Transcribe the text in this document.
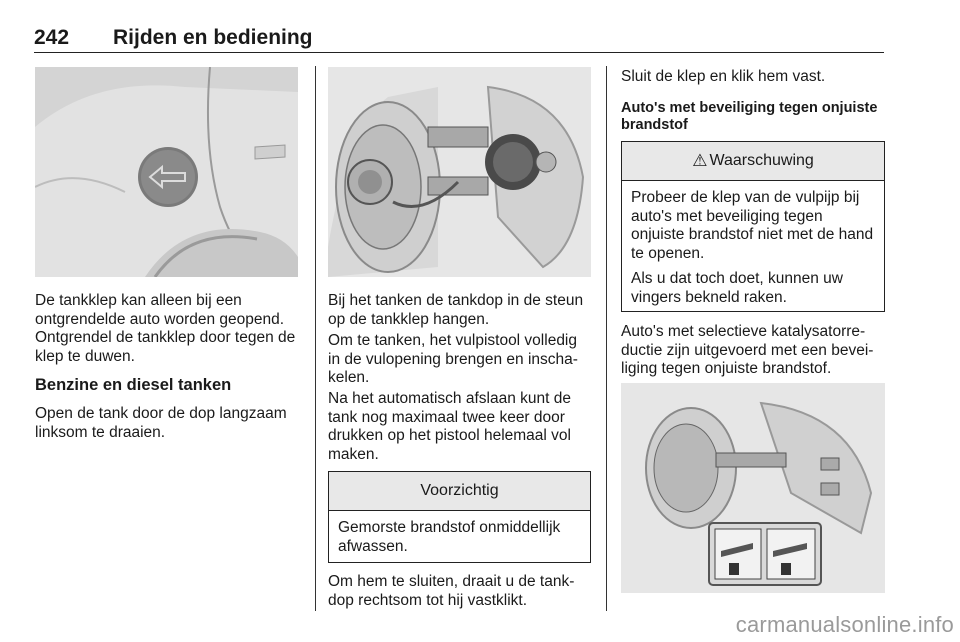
242 Rijden en bediening

De tankklep kan alleen bij een ontgrendelde auto worden geopend. Ontgrendel de tankklep door tegen de klep te duwen.

Benzine en diesel tanken

Open de tank door de dop langzaam linksom te draaien.

Bij het tanken de tankdop in de steun op de tankklep hangen.

Om te tanken, het vulpistool volledig in de vulopening brengen en inschakelen.

Na het automatisch afslaan kunt de tank nog maximaal twee keer door drukken op het pistool helemaal vol maken.

Voorzichtig
Gemorste brandstof onmiddellijk afwassen.

Om hem te sluiten, draait u de tankdop rechtsom tot hij vastklikt.

Sluit de klep en klik hem vast.

Auto's met beveiliging tegen onjuiste brandstof
⚠ Waarschuwing

Probeer de klep van de vulpijp bij auto's met beveiliging tegen onjuiste brandstof niet met de hand te openen.

Als u dat toch doet, kunnen uw vingers bekneld raken.

Auto's met selectieve katalysatorreductie zijn uitgevoerd met een beveiliging tegen onjuiste brandstof.

carmanualsonline.info
